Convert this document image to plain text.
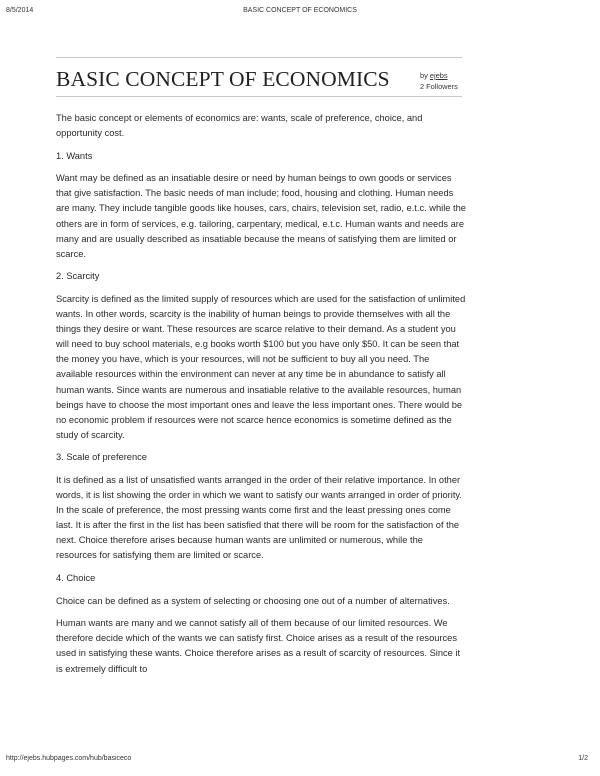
8/5/2014	BASIC CONCEPT OF ECONOMICS
BASIC CONCEPT OF ECONOMICS	by ejebs
2 Followers

The basic concept or elements of economics are: wants, scale of preference, choice, and opportunity cost.

1. Wants

Want may be defined as an insatiable desire or need by human beings to own goods or services that give satisfaction. The basic needs of man include; food, housing and clothing. Human needs are many. They include tangible goods like houses, cars, chairs, television set, radio, e.t.c. while the others are in form of services, e.g. tailoring, carpentary, medical, e.t.c. Human wants and needs are many and are usually described as insatiable because the means of satisfying them are limited or scarce.

2. Scarcity

Scarcity is defined as the limited supply of resources which are used for the satisfaction of unlimited wants. In other words, scarcity is the inability of human beings to provide themselves with all the things they desire or want. These resources are scarce relative to their demand. As a student you will need to buy school materials, e.g books worth $100 but you have only $50. It can be seen that the money you have, which is your resources, will not be sufficient to buy all you need. The available resources within the environment can never at any time be in abundance to satisfy all human wants. Since wants are numerous and insatiable relative to the available resources, human beings have to choose the most important ones and leave the less important ones. There would be no economic problem if resources were not scarce hence economics is sometime defined as the study of scarcity.

3. Scale of preference

It is defined as a list of unsatisfied wants arranged in the order of their relative importance. In other words, it is list showing the order in which we want to satisfy our wants arranged in order of priority. In the scale of preference, the most pressing wants come first and the least pressing ones come last. It is after the first in the list has been satisfied that there will be room for the satisfaction of the next. Choice therefore arises because human wants are unlimited or numerous, while the resources for satisfying them are limited or scarce.

4. Choice

Choice can be defined as a system of selecting or choosing one out of a number of alternatives.

Human wants are many and we cannot satisfy all of them because of our limited resources. We therefore decide which of the wants we can satisfy first. Choice arises as a result of the resources used in satisfying these wants. Choice therefore arises as a result of scarcity of resources. Since it is extremely difficult to

http://ejebs.hubpages.com/hub/basiceco	1/2
